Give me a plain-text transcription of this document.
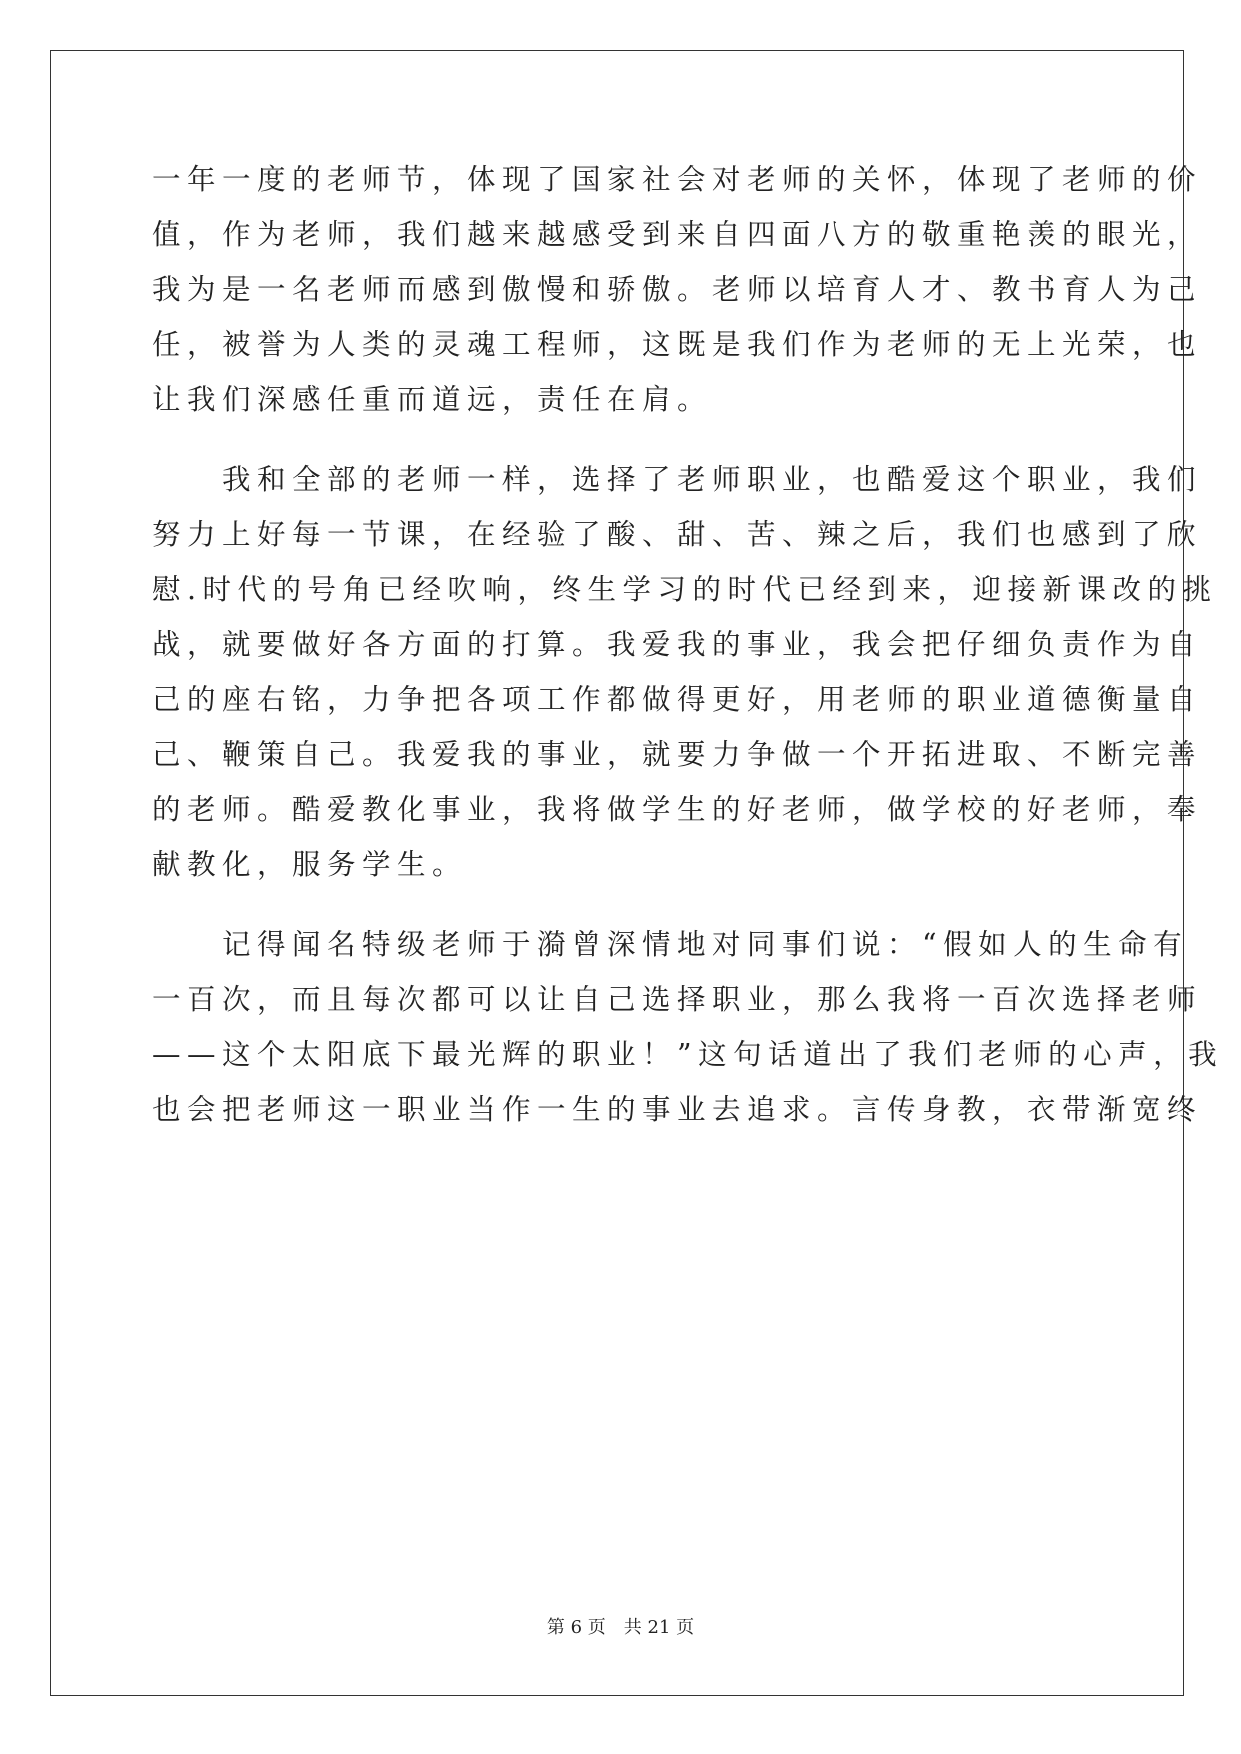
一年一度的老师节，体现了国家社会对老师的关怀，体现了老师的价
值，作为老师，我们越来越感受到来自四面八方的敬重艳羡的眼光，
我为是一名老师而感到傲慢和骄傲。老师以培育人才、教书育人为己
任，被誉为人类的灵魂工程师，这既是我们作为老师的无上光荣，也
让我们深感任重而道远，责任在肩。
　　我和全部的老师一样，选择了老师职业，也酷爱这个职业，我们
努力上好每一节课，在经验了酸、甜、苦、辣之后，我们也感到了欣
慰.时代的号角已经吹响，终生学习的时代已经到来，迎接新课改的挑
战，就要做好各方面的打算。我爱我的事业，我会把仔细负责作为自
己的座右铭，力争把各项工作都做得更好，用老师的职业道德衡量自
己、鞭策自己。我爱我的事业，就要力争做一个开拓进取、不断完善
的老师。酷爱教化事业，我将做学生的好老师，做学校的好老师，奉
献教化，服务学生。
　　记得闻名特级老师于漪曾深情地对同事们说：“假如人的生命有
一百次，而且每次都可以让自己选择职业，那么我将一百次选择老师
——这个太阳底下最光辉的职业！”这句话道出了我们老师的心声，我
也会把老师这一职业当作一生的事业去追求。言传身教，衣带渐宽终
第 6 页 共 21 页
